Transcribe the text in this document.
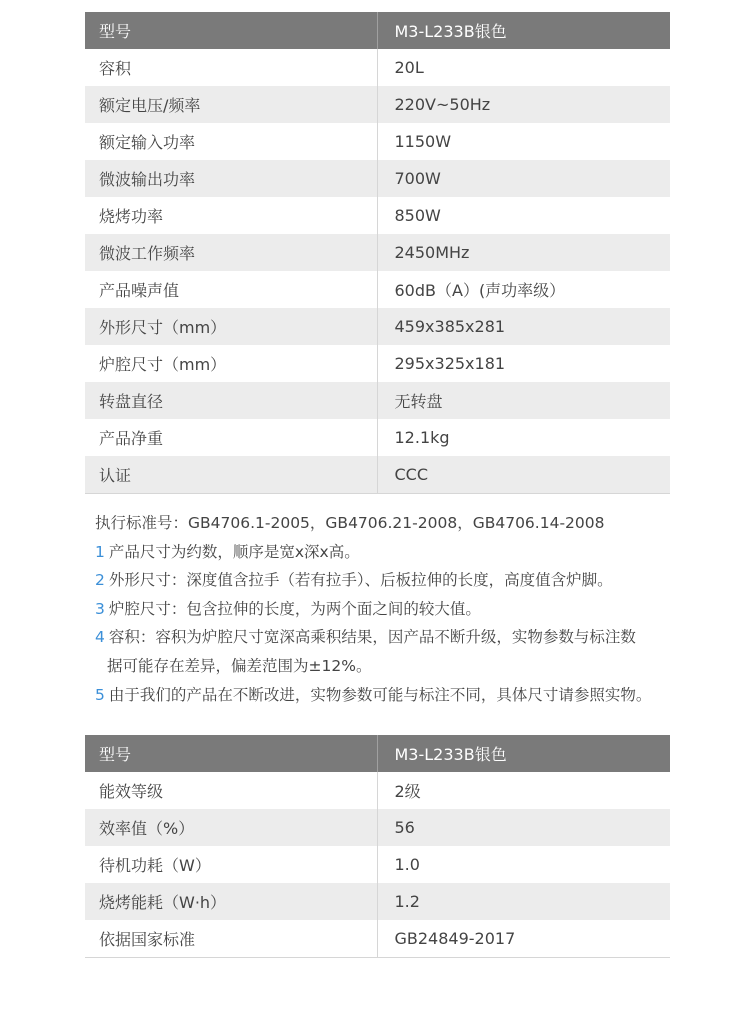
型号	M3-L233B银色
容积	20L
额定电压/频率	220V~50Hz
额定输入功率	1150W
微波输出功率	700W
烧烤功率	850W
微波工作频率	2450MHz
产品噪声值	60dB（A）(声功率级）
外形尺寸（mm）	459x385x281
炉腔尺寸（mm）	295x325x181
转盘直径	无转盘
产品净重	12.1kg
认证	CCC
执行标准号：GB4706.1-2005，GB4706.21-2008，GB4706.14-2008
1 产品尺寸为约数，顺序是宽x深x高。
2 外形尺寸：深度值含拉手（若有拉手）、后板拉伸的长度，高度值含炉脚。
3 炉腔尺寸：包含拉伸的长度，为两个面之间的较大值。
4 容积：容积为炉腔尺寸宽深高乘积结果，因产品不断升级，实物参数与标注数
据可能存在差异，偏差范围为±12%。
5 由于我们的产品在不断改进，实物参数可能与标注不同，具体尺寸请参照实物。
型号	M3-L233B银色
能效等级	2级
效率值（%）	56
待机功耗（W）	1.0
烧烤能耗（W·h）	1.2
依据国家标准	GB24849-2017
